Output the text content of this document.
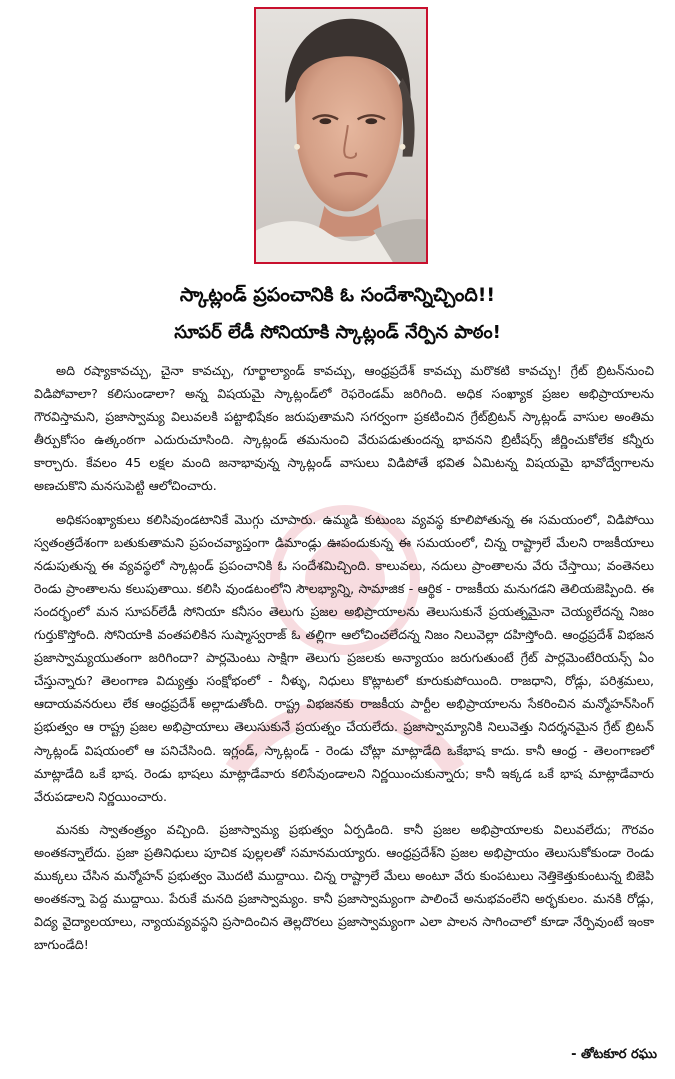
స్కాట్లండ్ ప్రపంచానికి ఓ సందేశాన్నిచ్చింది!!
సూపర్ లేడీ సోనియాకి స్కాట్లండ్ నేర్పిన పాఠం!

అది రష్యాకావచ్చు, చైనా కావచ్చు, గూర్ఖాల్యాండ్ కావచ్చు, ఆంధ్రప్రదేశ్ కావచ్చు మరొకటి కావచ్చు! గ్రేట్ బ్రిటన్‌నుంచి విడిపోవాలా? కలిసుండాలా? అన్న విషయమై స్కాట్లండ్‌లో రెఫరెండమ్ జరిగింది. అధిక సంఖ్యాక ప్రజల అభిప్రాయాలను గౌరవిస్తామని, ప్రజాస్వామ్య విలువలకి పట్టాభిషేకం జరుపుతామని సగర్వంగా ప్రకటించిన గ్రేట్‌బ్రిటన్ స్కాట్లండ్ వాసుల అంతిమ తీర్పుకోసం ఉత్కంఠగా ఎదురుచూసింది. స్కాట్లండ్ తమనుంచి వేరుపడుతుందన్న భావనని బ్రిటీషర్స్ జీర్ణించుకోలేక కన్నీరు కార్చారు. కేవలం 45 లక్షల మంది జనాభావున్న స్కాట్లండ్ వాసులు విడిపోతే భవిత ఏమిటన్న విషయమై భావోద్వేగాలను అణచుకొని మనసుపెట్టి ఆలోచించారు.

అధికసంఖ్యాకులు కలిసివుండటానికే మొగ్గు చూపారు. ఉమ్మడి కుటుంబ వ్యవస్థ కూలిపోతున్న ఈ సమయంలో, విడిపోయి స్వతంత్రదేశంగా బతుకుతామని ప్రపంచవ్యాప్తంగా డిమాండ్లు ఊపందుకున్న ఈ సమయంలో, చిన్న రాష్ట్రాలే మేలని రాజకీయాలు నడుపుతున్న ఈ వ్యవస్థలో స్కాట్లండ్ ప్రపంచానికి ఓ సందేశమిచ్చింది. కాలువలు, నదులు ప్రాంతాలను వేరు చేస్తాయి; వంతెనలు రెండు ప్రాంతాలను కలుపుతాయి. కలిసి వుండటంలోని సౌలభ్యాన్ని, సామాజిక - ఆర్థిక - రాజకీయ మనుగడని తెలియజెప్పింది. ఈ సందర్భంలో మన సూపర్‌లేడీ సోనియా కనీసం తెలుగు ప్రజల అభిప్రాయాలను తెలుసుకునే ప్రయత్నమైనా చెయ్యలేదన్న నిజం గుర్తుకొస్తోంది. సోనియాకి వంతపలికిన సుష్మాస్వరాజ్ ఓ తల్లిగా ఆలోచించలేదన్న నిజం నిలువెల్లా దహిస్తోంది. ఆంధ్రప్రదేశ్ విభజన ప్రజాస్వామ్యయుతంగా జరిగిందా? పార్లమెంటు సాక్షిగా తెలుగు ప్రజలకు అన్యాయం జరుగుతుంటే గ్రేట్ పార్లమెంటేరియన్స్ ఏం చేస్తున్నారు? తెలంగాణ విద్యుత్తు సంక్షోభంలో - నీళ్ళు, నిధులు కొట్లాటలో కూరుకుపోయింది. రాజధాని, రోడ్లు, పరిశ్రమలు, ఆదాయవనరులు లేక ఆంధ్రప్రదేశ్ అల్లాడుతోంది. రాష్ట్ర విభజనకు రాజకీయ పార్టీల అభిప్రాయాలను సేకరించిన మన్మోహన్‌సింగ్ ప్రభుత్వం ఆ రాష్ట్ర ప్రజల అభిప్రాయాలు తెలుసుకునే ప్రయత్నం చేయలేదు. ప్రజాస్వామ్యానికి నిలువెత్తు నిదర్శనమైన గ్రేట్ బ్రిటన్ స్కాట్లండ్ విషయంలో ఆ పనిచేసింది. ఇగ్లండ్, స్కాట్లండ్ - రెండు చోట్లా మాట్లాడేది ఒకేభాష కాదు. కానీ ఆంధ్ర - తెలంగాణలో మాట్లాడేది ఒకే భాష. రెండు భాషలు మాట్లాడేవారు కలిసేవుండాలని నిర్ణయించుకున్నారు; కానీ ఇక్కడ ఒకే భాష మాట్లాడేవారు వేరుపడాలని నిర్ణయించారు.

మనకు స్వాతంత్ర్యం వచ్చింది. ప్రజాస్వామ్య ప్రభుత్వం ఏర్పడింది. కానీ ప్రజల అభిప్రాయాలకు విలువలేదు; గౌరవం అంతకన్నాలేదు. ప్రజా ప్రతినిధులు పూచిక పుల్లలతో సమానమయ్యారు. ఆంధ్రప్రదేశ్‌ని ప్రజల అభిప్రాయం తెలుసుకోకుండా రెండు ముక్కలు చేసిన మన్మోహన్ ప్రభుత్వం మొదటి ముద్దాయి. చిన్న రాష్ట్రాలే మేలు అంటూ వేరు కుంపటులు నెత్తికెత్తుకుంటున్న బిజెపి అంతకన్నా పెద్ద ముద్దాయి. పేరుకే మనది ప్రజాస్వామ్యం. కానీ ప్రజాస్వామ్యంగా పాలించే అనుభవంలేని అర్భకులం. మనకి రోడ్లు, విద్య వైద్యాలయాలు, న్యాయవ్యవస్థని ప్రసాదించిన తెల్లదొరలు ప్రజాస్వామ్యంగా ఎలా పాలన సాగించాలో కూడా నేర్పివుంటే ఇంకా బాగుండేది!

- తోటకూర రఘు
